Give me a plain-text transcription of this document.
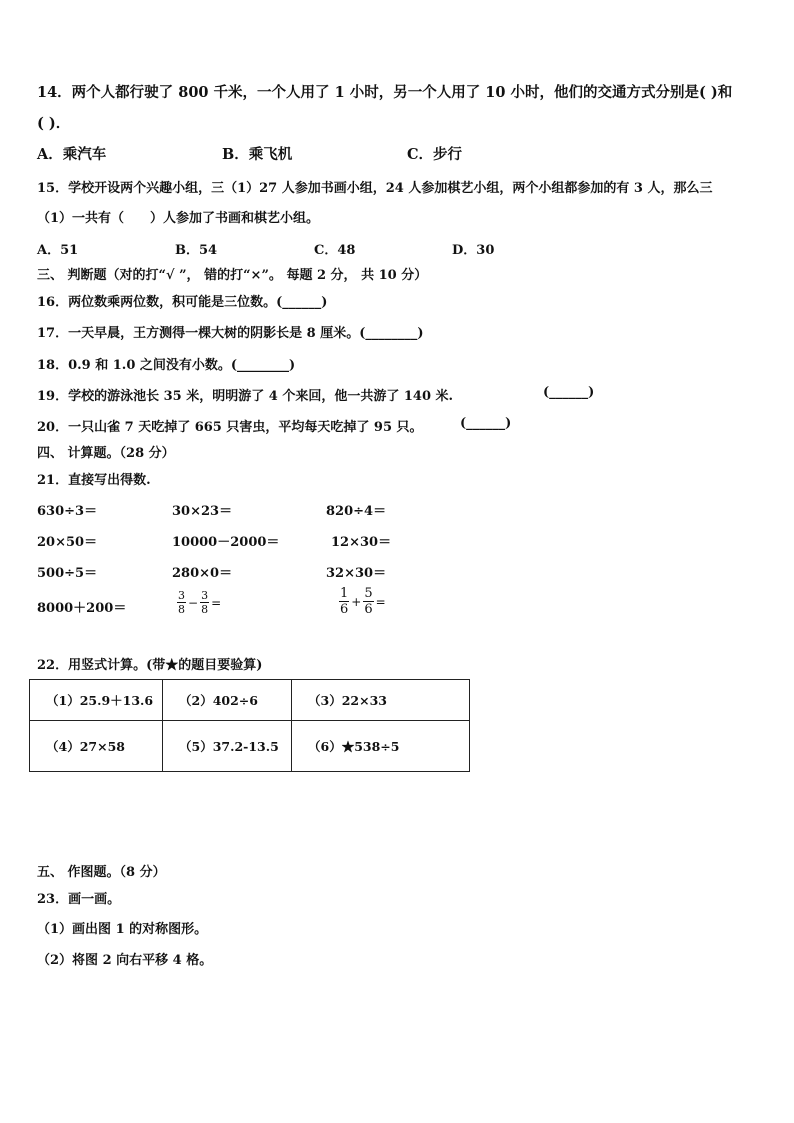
14．两个人都行驶了 800 千米，一个人用了 1 小时，另一个人用了 10 小时，他们的交通方式分别是( )和
( )．
A．乘汽车	B．乘飞机	C．步行
15．学校开设两个兴趣小组，三（1）27 人参加书画小组，24 人参加棋艺小组，两个小组都参加的有 3 人，那么三
（1）一共有（　　）人参加了书画和棋艺小组。
A．51	B．54	C．48	D．30
三、 判断题（对的打“√ ”， 错的打“×”。 每题 2 分， 共 10 分）
16．两位数乘两位数，积可能是三位数。(______)
17．一天早晨，王方测得一棵大树的阴影长是 8 厘米。(________)
18．0.9 和 1.0 之间没有小数。(________)
19．学校的游泳池长 35 米，明明游了 4 个来回，他一共游了 140 米.	(______)
20．一只山雀 7 天吃掉了 665 只害虫，平均每天吃掉了 95 只。	(______)
四、 计算题。（28 分）
21．直接写出得数.
630÷3＝	30×23＝	820÷4＝
20×50＝	10000－2000＝	12×30＝
500÷5＝	280×0＝	32×30＝
8000＋200＝	$\frac{3}{8} - \frac{3}{8}$ =	$\frac{1}{6} + \frac{5}{6}$ =
22．用竖式计算。(带★的题目要验算)
（1）25.9＋13.6	（2）402÷6	（3）22×33
（4）27×58	（5）37.2-13.5	（6）★538÷5
五、 作图题。（8 分）
23．画一画。
（1）画出图 1 的对称图形。
（2）将图 2 向右平移 4 格。
